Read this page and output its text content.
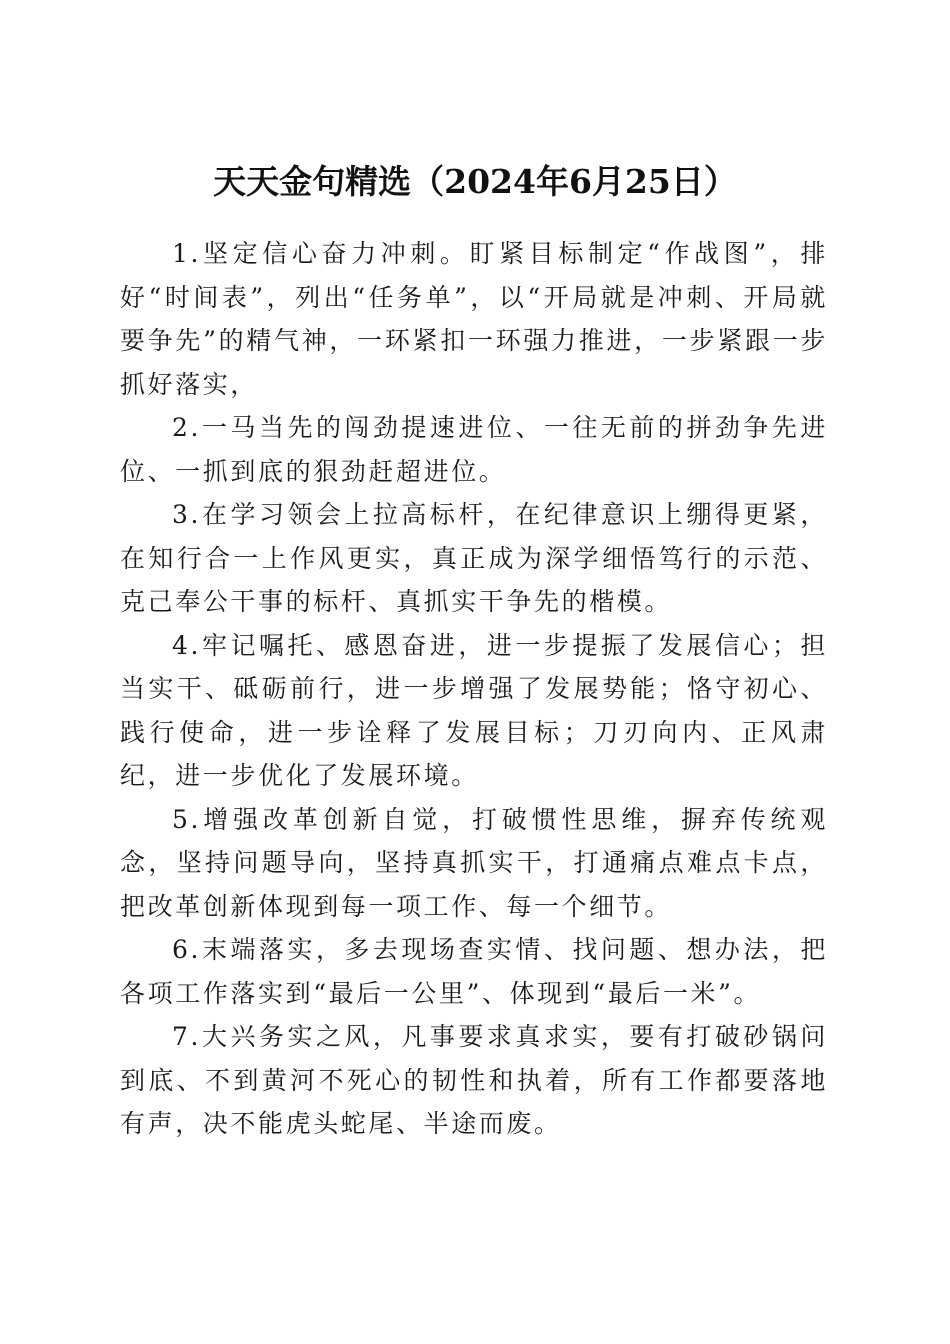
天天金句精选（2024年6月25日）

1.坚定信心奋力冲刺。盯紧目标制定“作战图”，排好“时间表”，列出“任务单”，以“开局就是冲刺、开局就要争先”的精气神，一环紧扣一环强力推进，一步紧跟一步抓好落实，

2.一马当先的闯劲提速进位、一往无前的拼劲争先进位、一抓到底的狠劲赶超进位。

3.在学习领会上拉高标杆，在纪律意识上绷得更紧，在知行合一上作风更实，真正成为深学细悟笃行的示范、克己奉公干事的标杆、真抓实干争先的楷模。

4.牢记嘱托、感恩奋进，进一步提振了发展信心；担当实干、砥砺前行，进一步增强了发展势能；恪守初心、践行使命，进一步诠释了发展目标；刀刃向内、正风肃纪，进一步优化了发展环境。

5.增强改革创新自觉，打破惯性思维，摒弃传统观念，坚持问题导向，坚持真抓实干，打通痛点难点卡点，把改革创新体现到每一项工作、每一个细节。

6.末端落实，多去现场查实情、找问题、想办法，把各项工作落实到“最后一公里”、体现到“最后一米”。

7.大兴务实之风，凡事要求真求实，要有打破砂锅问到底、不到黄河不死心的韧性和执着，所有工作都要落地有声，决不能虎头蛇尾、半途而废。
